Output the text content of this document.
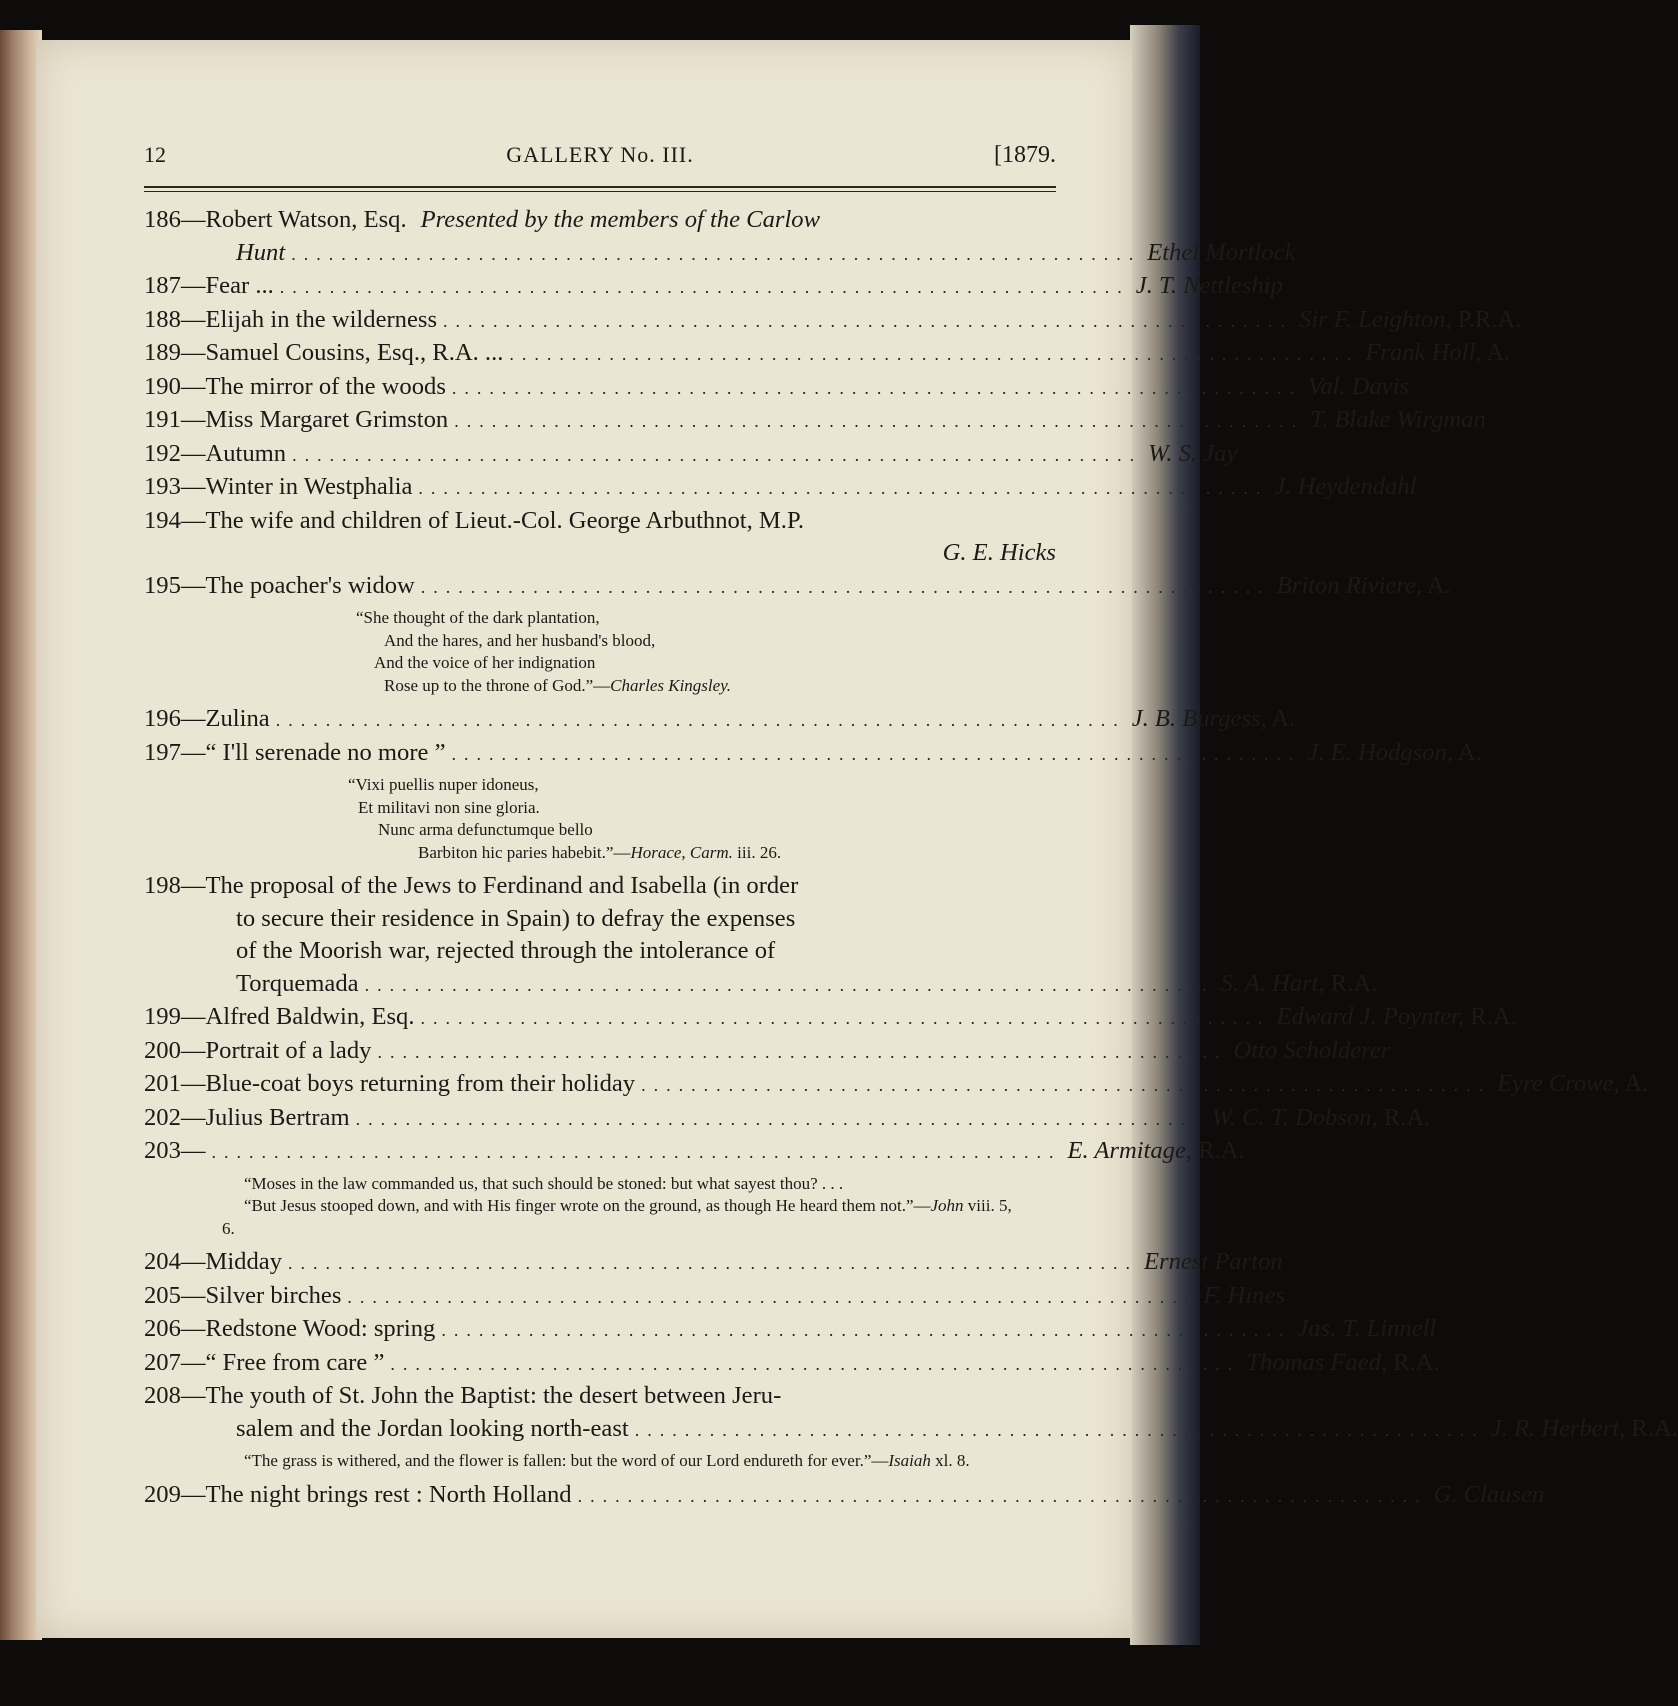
12	GALLERY No. III.	[1879.
186—Robert Watson, Esq. Presented by the members of the Carlow
Hunt .................................................................... Ethel Mortlock
187—Fear ... .................................................................... J. T. Nettleship
188—Elijah in the wilderness .................................................................... Sir F. Leighton, P.R.A.
189—Samuel Cousins, Esq., R.A. ... .................................................................... Frank Holl, A.
190—The mirror of the woods .................................................................... Val. Davis
191—Miss Margaret Grimston .................................................................... T. Blake Wirgman
192—Autumn .................................................................... W. S. Jay
193—Winter in Westphalia .................................................................... J. Heydendahl
194—The wife and children of Lieut.-Col. George Arbuthnot, M.P.
G. E. Hicks
195—The poacher's widow .................................................................... Briton Riviere, A.

“She thought of the dark plantation,

And the hares, and her husband's blood,

And the voice of her indignation

Rose up to the throne of God.”—Charles Kingsley.

196—Zulina .................................................................... J. B. Burgess, A.
197—“ I'll serenade no more ” .................................................................... J. E. Hodgson, A.

“Vixi puellis nuper idoneus,

Et militavi non sine gloria.

Nunc arma defunctumque bello

Barbiton hic paries habebit.”—Horace, Carm. iii. 26.

198—The proposal of the Jews to Ferdinand and Isabella (in order
to secure their residence in Spain) to defray the expenses
of the Moorish war, rejected through the intolerance of
Torquemada .................................................................... S. A. Hart, R.A.
199—Alfred Baldwin, Esq. .................................................................... Edward J. Poynter, R.A.
200—Portrait of a lady .................................................................... Otto Scholderer
201—Blue-coat boys returning from their holiday .................................................................... Eyre Crowe, A.
202—Julius Bertram .................................................................... W. C. T. Dobson, R.A.
203— .................................................................... E. Armitage, R.A.

“Moses in the law commanded us, that such should be stoned: but what sayest thou? . . .

“But Jesus stooped down, and with His finger wrote on the ground, as though He heard them not.”—John viii. 5, 6.

204—Midday .................................................................... Ernest Parton
205—Silver birches .................................................................... F. Hines
206—Redstone Wood: spring .................................................................... Jas. T. Linnell
207—“ Free from care ” .................................................................... Thomas Faed, R.A.
208—The youth of St. John the Baptist: the desert between Jeru-
salem and the Jordan looking north-east .................................................................... J. R. Herbert, R.A.

“The grass is withered, and the flower is fallen: but the word of our Lord endureth for ever.”—Isaiah xl. 8.

209—The night brings rest : North Holland .................................................................... G. Clausen
